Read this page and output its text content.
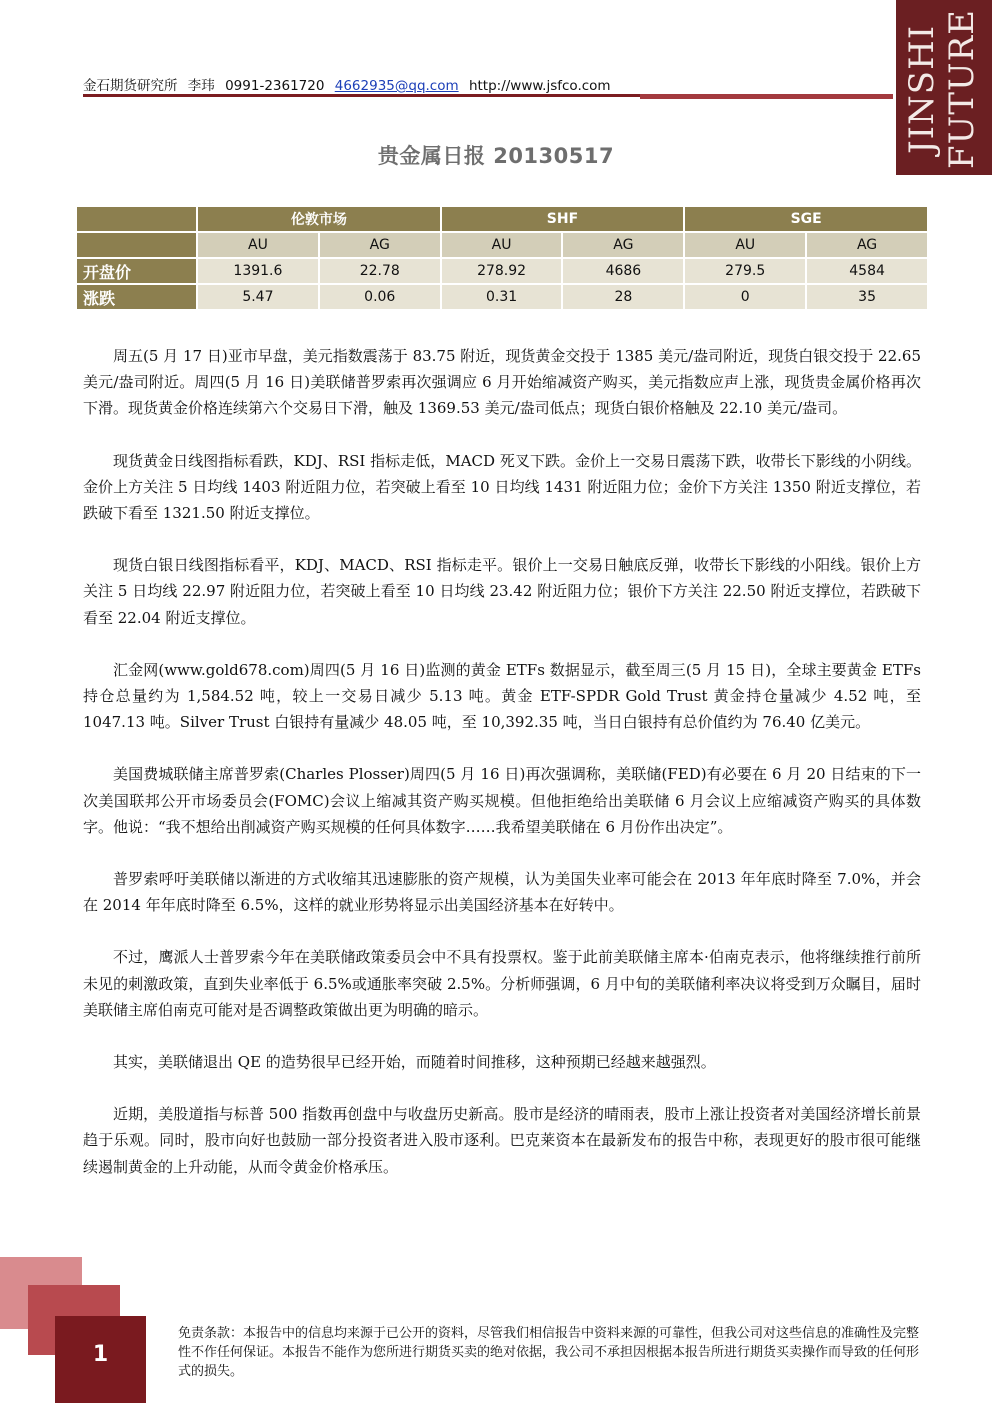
JINSHI FUTURE
金石期货研究所 李玮 0991-2361720 4662935@qq.com http://www.jsfco.com
贵金属日报 20130517
	伦敦市场		SHF		SGE	
	AU	AG	AU	AG	AU	AG
开盘价	1391.6	22.78	278.92	4686	279.5	4584
涨跌	5.47	0.06	0.31	28	0	35

周五(5 月 17 日)亚市早盘，美元指数震荡于 83.75 附近，现货黄金交投于 1385 美元/盎司附近，现货白银交投于 22.65 美元/盎司附近。周四(5 月 16 日)美联储普罗索再次强调应 6 月开始缩减资产购买，美元指数应声上涨，现货贵金属价格再次下滑。现货黄金价格连续第六个交易日下滑，触及 1369.53 美元/盎司低点；现货白银价格触及 22.10 美元/盎司。

现货黄金日线图指标看跌，KDJ、RSI 指标走低，MACD 死叉下跌。金价上一交易日震荡下跌，收带长下影线的小阴线。金价上方关注 5 日均线 1403 附近阻力位，若突破上看至 10 日均线 1431 附近阻力位；金价下方关注 1350 附近支撑位，若跌破下看至 1321.50 附近支撑位。

现货白银日线图指标看平，KDJ、MACD、RSI 指标走平。银价上一交易日触底反弹，收带长下影线的小阳线。银价上方关注 5 日均线 22.97 附近阻力位，若突破上看至 10 日均线 23.42 附近阻力位；银价下方关注 22.50 附近支撑位，若跌破下看至 22.04 附近支撑位。

汇金网(www.gold678.com)周四(5 月 16 日)监测的黄金 ETFs 数据显示，截至周三(5 月 15 日)，全球主要黄金 ETFs 持仓总量约为 1,584.52 吨，较上一交易日减少 5.13 吨。黄金 ETF-SPDR Gold Trust 黄金持仓量减少 4.52 吨，至 1047.13 吨。Silver Trust 白银持有量减少 48.05 吨，至 10,392.35 吨，当日白银持有总价值约为 76.40 亿美元。

美国费城联储主席普罗索(Charles Plosser)周四(5 月 16 日)再次强调称，美联储(FED)有必要在 6 月 20 日结束的下一次美国联邦公开市场委员会(FOMC)会议上缩减其资产购买规模。但他拒绝给出美联储 6 月会议上应缩减资产购买的具体数字。他说：“我不想给出削减资产购买规模的任何具体数字……我希望美联储在 6 月份作出决定”。

普罗索呼吁美联储以渐进的方式收缩其迅速膨胀的资产规模，认为美国失业率可能会在 2013 年年底时降至 7.0%，并会在 2014 年年底时降至 6.5%，这样的就业形势将显示出美国经济基本在好转中。

不过，鹰派人士普罗索今年在美联储政策委员会中不具有投票权。鉴于此前美联储主席本·伯南克表示，他将继续推行前所未见的刺激政策，直到失业率低于 6.5%或通胀率突破 2.5%。分析师强调，6 月中旬的美联储利率决议将受到万众瞩目，届时美联储主席伯南克可能对是否调整政策做出更为明确的暗示。

其实，美联储退出 QE 的造势很早已经开始，而随着时间推移，这种预期已经越来越强烈。

近期，美股道指与标普 500 指数再创盘中与收盘历史新高。股市是经济的晴雨表，股市上涨让投资者对美国经济增长前景趋于乐观。同时，股市向好也鼓励一部分投资者进入股市逐利。巴克莱资本在最新发布的报告中称，表现更好的股市很可能继续遏制黄金的上升动能，从而令黄金价格承压。

1
免责条款：本报告中的信息均来源于已公开的资料，尽管我们相信报告中资料来源的可靠性，但我公司对这些信息的准确性及完整性不作任何保证。本报告不能作为您所进行期货买卖的绝对依据，我公司不承担因根据本报告所进行期货买卖操作而导致的任何形式的损失。
